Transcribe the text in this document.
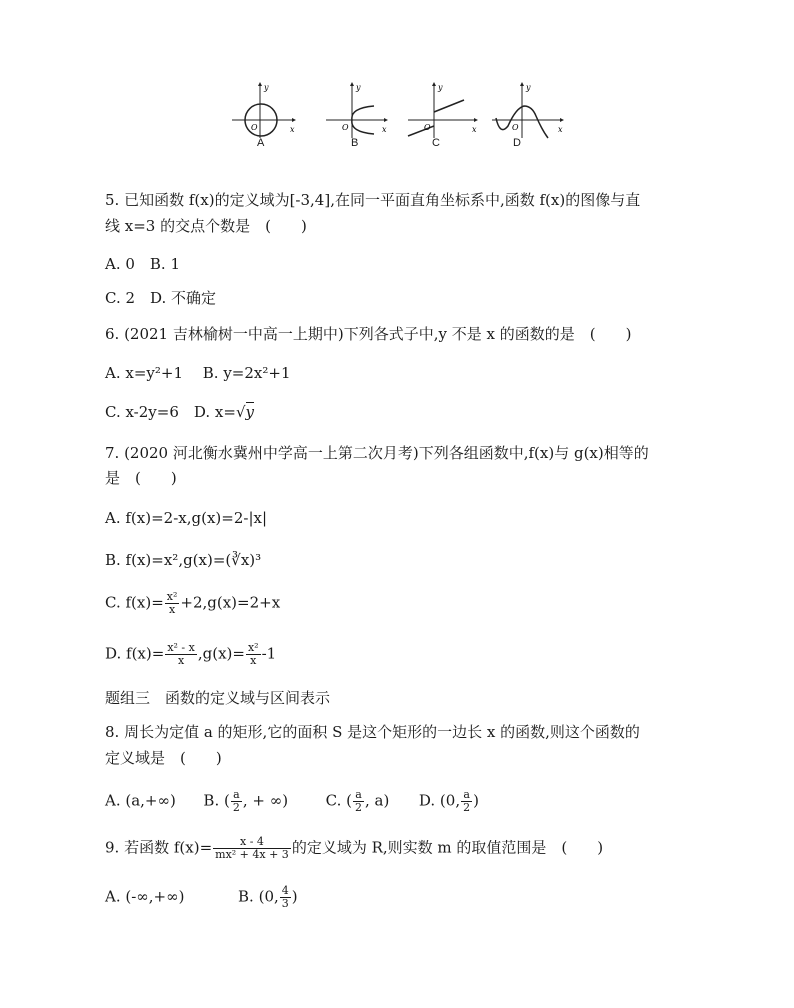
y
x
O
y
x
O
y
x
O
y
x
O
A	B	C	D
5. 已知函数 f(x)的定义域为[-3,4],在同一平面直角坐标系中,函数 f(x)的图像与直
线 x=3 的交点个数是　(　　)
A. 0　B. 1
C. 2　D. 不确定
6. (2021 吉林榆树一中高一上期中)下列各式子中,y 不是 x 的函数的是　(　　)
A. x=y²+1　 B. y=2x²+1
C. x-2y=6　D. x=√y
7. (2020 河北衡水冀州中学高一上第二次月考)下列各组函数中,f(x)与 g(x)相等的
是　(　　)
A. f(x)=2-x,g(x)=2-|x|
B. f(x)=x²,g(x)=(∛x)³
C. $f(x)= \frac{\text{x²}}{x} +2,g(x)=2+x$
D. $f(x)= \frac{\text{x² - x}}{x} ,g(x)= \frac{\text{x²}}{x} -1$
题组三　函数的定义域与区间表示
8. 周长为定值 a 的矩形,它的面积 S 是这个矩形的一边长 x 的函数,则这个函数的
定义域是　(　　)
A. (a,+∞) B. ( $\frac{a}{2}$ , + ∞)	C. ( $\frac{a}{2}$ , a) D. (0, $\frac{a}{2}$ )
9. 若函数 $f(x)= \frac{x - 4}{\text{mx² + 4x + 3}}$ 的定义域为 R,则实数 m 的取值范围是　(　　)
A. (-∞,+∞)	B. (0, $\frac{4}{3}$ )
